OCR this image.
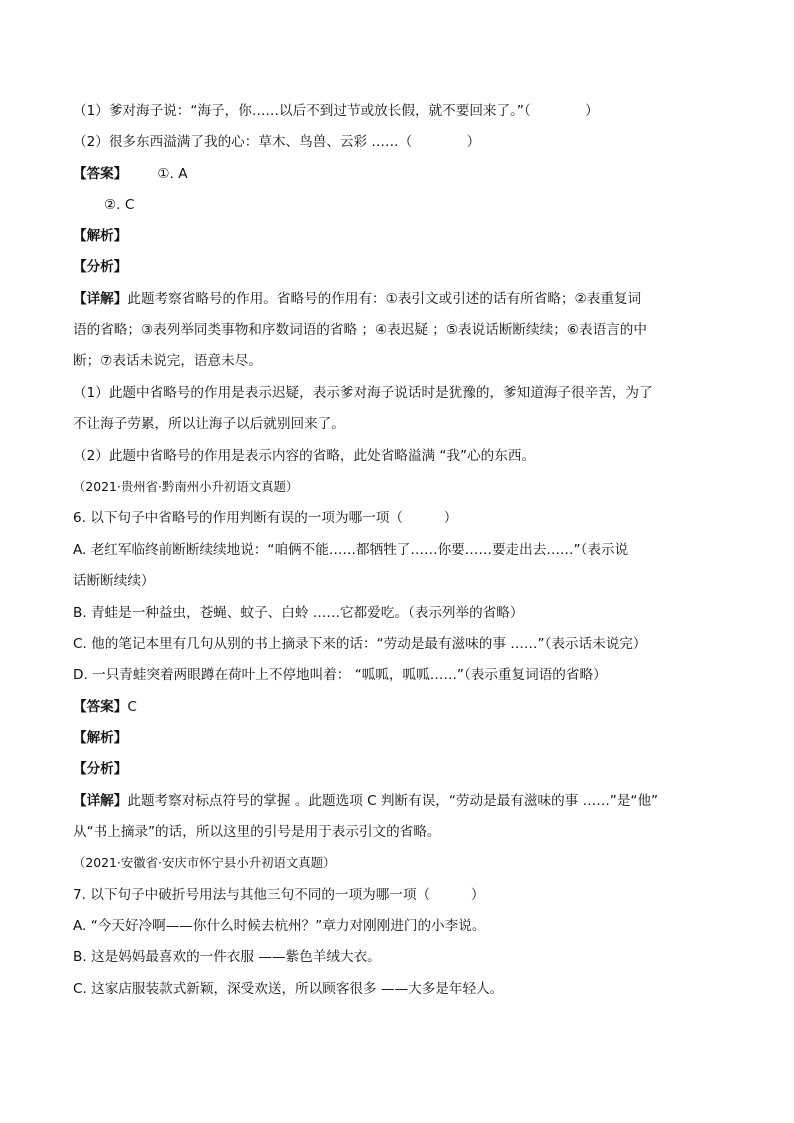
（1）爹对海子说：“海子，你……以后不到过节或放长假，就不要回来了。”（　　　　）
（2）很多东西溢满了我的心：草木、鸟兽、云彩 ……（　　　　）
【答案】 ①. A
②. C
【解析】
【分析】
【详解】此题考察省略号的作用。省略号的作用有：①表引文或引述的话有所省略；②表重复词
语的省略；③表列举同类事物和序数词语的省略 ；④表迟疑 ；⑤表说话断断续续；⑥表语言的中
断；⑦表话未说完，语意未尽。
（1）此题中省略号的作用是表示迟疑，表示爹对海子说话时是犹豫的，爹知道海子很辛苦，为了
不让海子劳累，所以让海子以后就别回来了。
（2）此题中省略号的作用是表示内容的省略，此处省略溢满 “我”心的东西。
（2021·贵州省·黔南州小升初语文真题）
6. 以下句子中省略号的作用判断有误的一项为哪一项（　　　）
A. 老红军临终前断断续续地说：“咱俩不能……都牺牲了……你要……要走出去……”（表示说
话断断续续）
B. 青蛙是一种益虫，苍蝇、蚊子、白蛉 ……它都爱吃。（表示列举的省略）
C. 他的笔记本里有几句从别的书上摘录下来的话：“劳动是最有滋味的事 ……”（表示话未说完）
D. 一只青蛙突着两眼蹲在荷叶上不停地叫着： “呱呱，呱呱……”（表示重复词语的省略）
【答案】C
【解析】
【分析】
【详解】此题考察对标点符号的掌握 。此题选项 C 判断有误，“劳动是最有滋味的事 ……”是“他”
从“书上摘录”的话，所以这里的引号是用于表示引文的省略。
（2021·安徽省·安庆市怀宁县小升初语文真题）
7. 以下句子中破折号用法与其他三句不同的一项为哪一项（　　　）
A. “今天好冷啊——你什么时候去杭州？”章力对刚刚进门的小李说。
B. 这是妈妈最喜欢的一件衣服 ——紫色羊绒大衣。
C. 这家店服装款式新颖，深受欢送，所以顾客很多 ——大多是年轻人。
